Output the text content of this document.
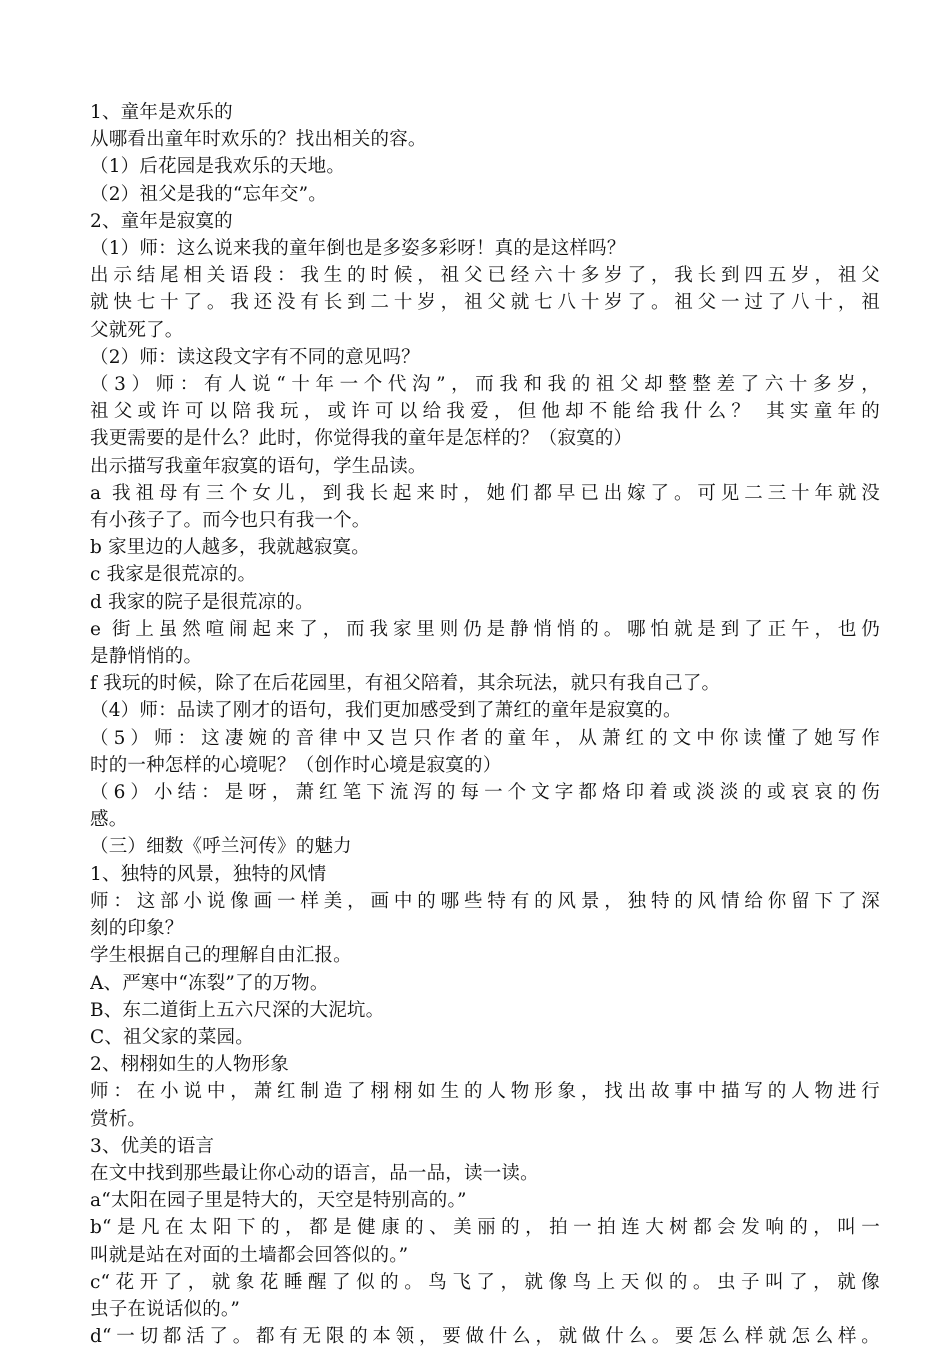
1、童年是欢乐的

从哪看出童年时欢乐的？找出相关的容。

（1）后花园是我欢乐的天地。

（2）祖父是我的“忘年交”。

2、童年是寂寞的

（1）师：这么说来我的童年倒也是多姿多彩呀！真的是这样吗？

出示结尾相关语段：我生的时候，祖父已经六十多岁了，我长到四五岁，祖父

就快七十了。我还没有长到二十岁，祖父就七八十岁了。祖父一过了八十，祖

父就死了。

（2）师：读这段文字有不同的意见吗？

（3）师：有人说“十年一个代沟”，而我和我的祖父却整整差了六十多岁，

祖父或许可以陪我玩，或许可以给我爱，但他却不能给我什么？ 其实童年的

我更需要的是什么？此时，你觉得我的童年是怎样的？（寂寞的）

出示描写我童年寂寞的语句，学生品读。

a 我祖母有三个女儿，到我长起来时，她们都早已出嫁了。可见二三十年就没

有小孩子了。而今也只有我一个。

b 家里边的人越多，我就越寂寞。

c 我家是很荒凉的。

d 我家的院子是很荒凉的。

e 街上虽然喧闹起来了，而我家里则仍是静悄悄的。哪怕就是到了正午，也仍

是静悄悄的。

f 我玩的时候，除了在后花园里，有祖父陪着，其余玩法，就只有我自己了。

（4）师：品读了刚才的语句，我们更加感受到了萧红的童年是寂寞的。

（5）师：这凄婉的音律中又岂只作者的童年，从萧红的文中你读懂了她写作

时的一种怎样的心境呢？（创作时心境是寂寞的）

（6）小结：是呀，萧红笔下流泻的每一个文字都烙印着或淡淡的或哀哀的伤

感。

（三）细数《呼兰河传》的魅力

1、独特的风景，独特的风情

师：这部小说像画一样美，画中的哪些特有的风景，独特的风情给你留下了深

刻的印象？

学生根据自己的理解自由汇报。

A、严寒中“冻裂”了的万物。

B、东二道街上五六尺深的大泥坑。

C、祖父家的菜园。

2、栩栩如生的人物形象

师：在小说中，萧红制造了栩栩如生的人物形象，找出故事中描写的人物进行

赏析。

3、优美的语言

在文中找到那些最让你心动的语言，品一品，读一读。

a“太阳在园子里是特大的，天空是特别高的。”

b“是凡在太阳下的，都是健康的、美丽的，拍一拍连大树都会发响的，叫一

叫就是站在对面的土墙都会回答似的。”

c“花开了，就象花睡醒了似的。鸟飞了，就像鸟上天似的。虫子叫了，就像

虫子在说话似的。”

d“一切都活了。都有无限的本领，要做什么，就做什么。要怎么样就怎么样。
